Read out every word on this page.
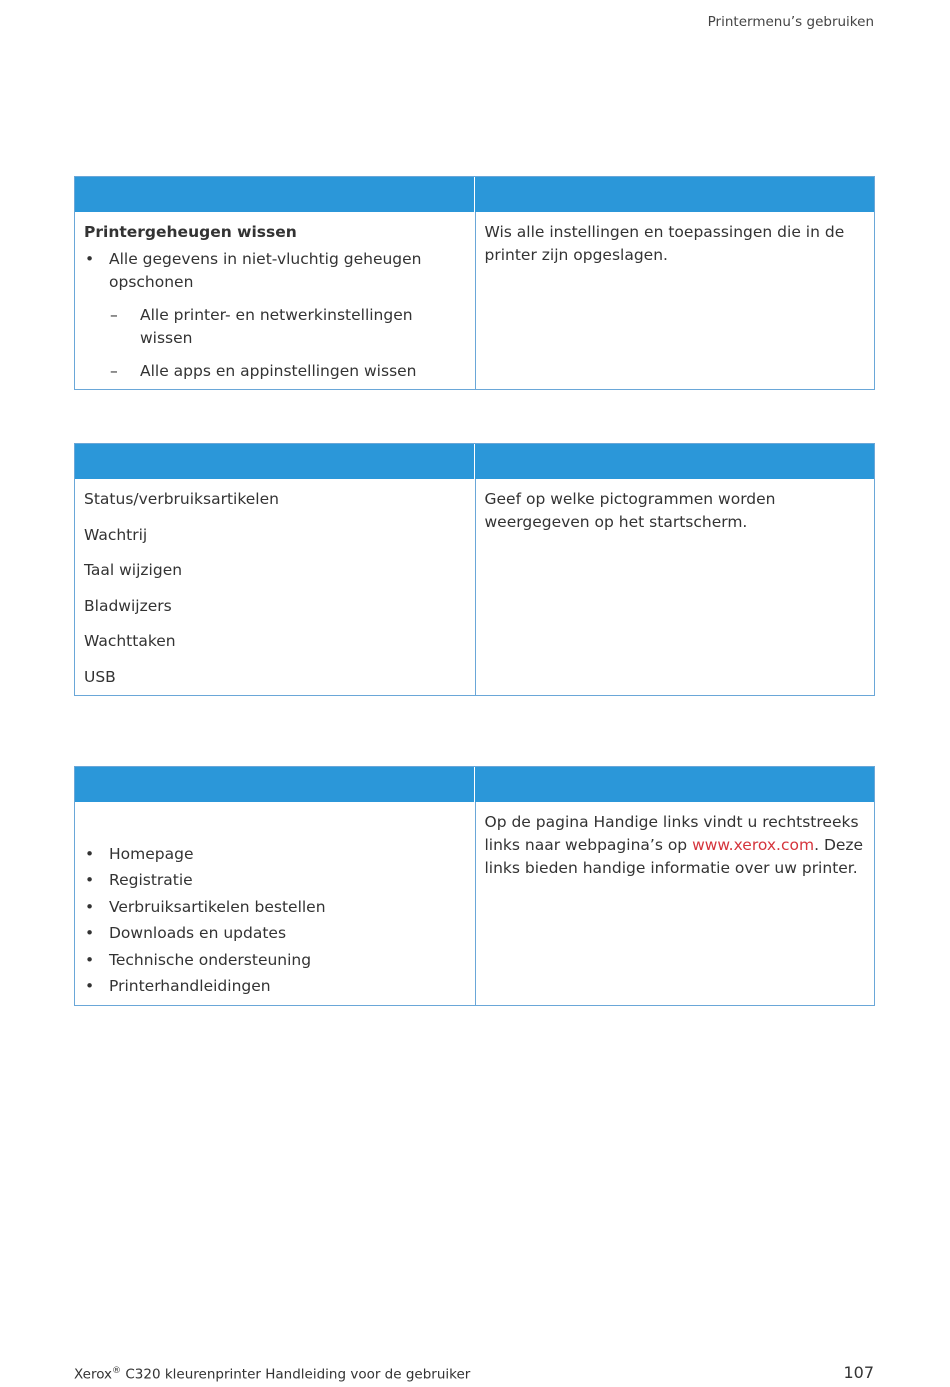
Printermenu’s gebruiken
Printergeheugen wissen
• Alle gegevens in niet-vluchtig geheugen opschonen
– Alle printer- en netwerkinstellingen wissen
– Alle apps en appinstellingen wissen
Wis alle instellingen en toepassingen die in de printer zijn opgeslagen.

Status/verbruiksartikelen

Wachtrij

Taal wijzigen

Bladwijzers

Wachttaken

USB

Geef op welke pictogrammen worden weergegeven op het startscherm.
• Homepage
• Registratie
• Verbruiksartikelen bestellen
• Downloads en updates
• Technische ondersteuning
• Printerhandleidingen
Op de pagina Handige links vindt u rechtstreeks links naar webpagina’s op www.xerox.com. Deze links bieden handige informatie over uw printer.
Xerox® C320 kleurenprinter Handleiding voor de gebruiker	107
